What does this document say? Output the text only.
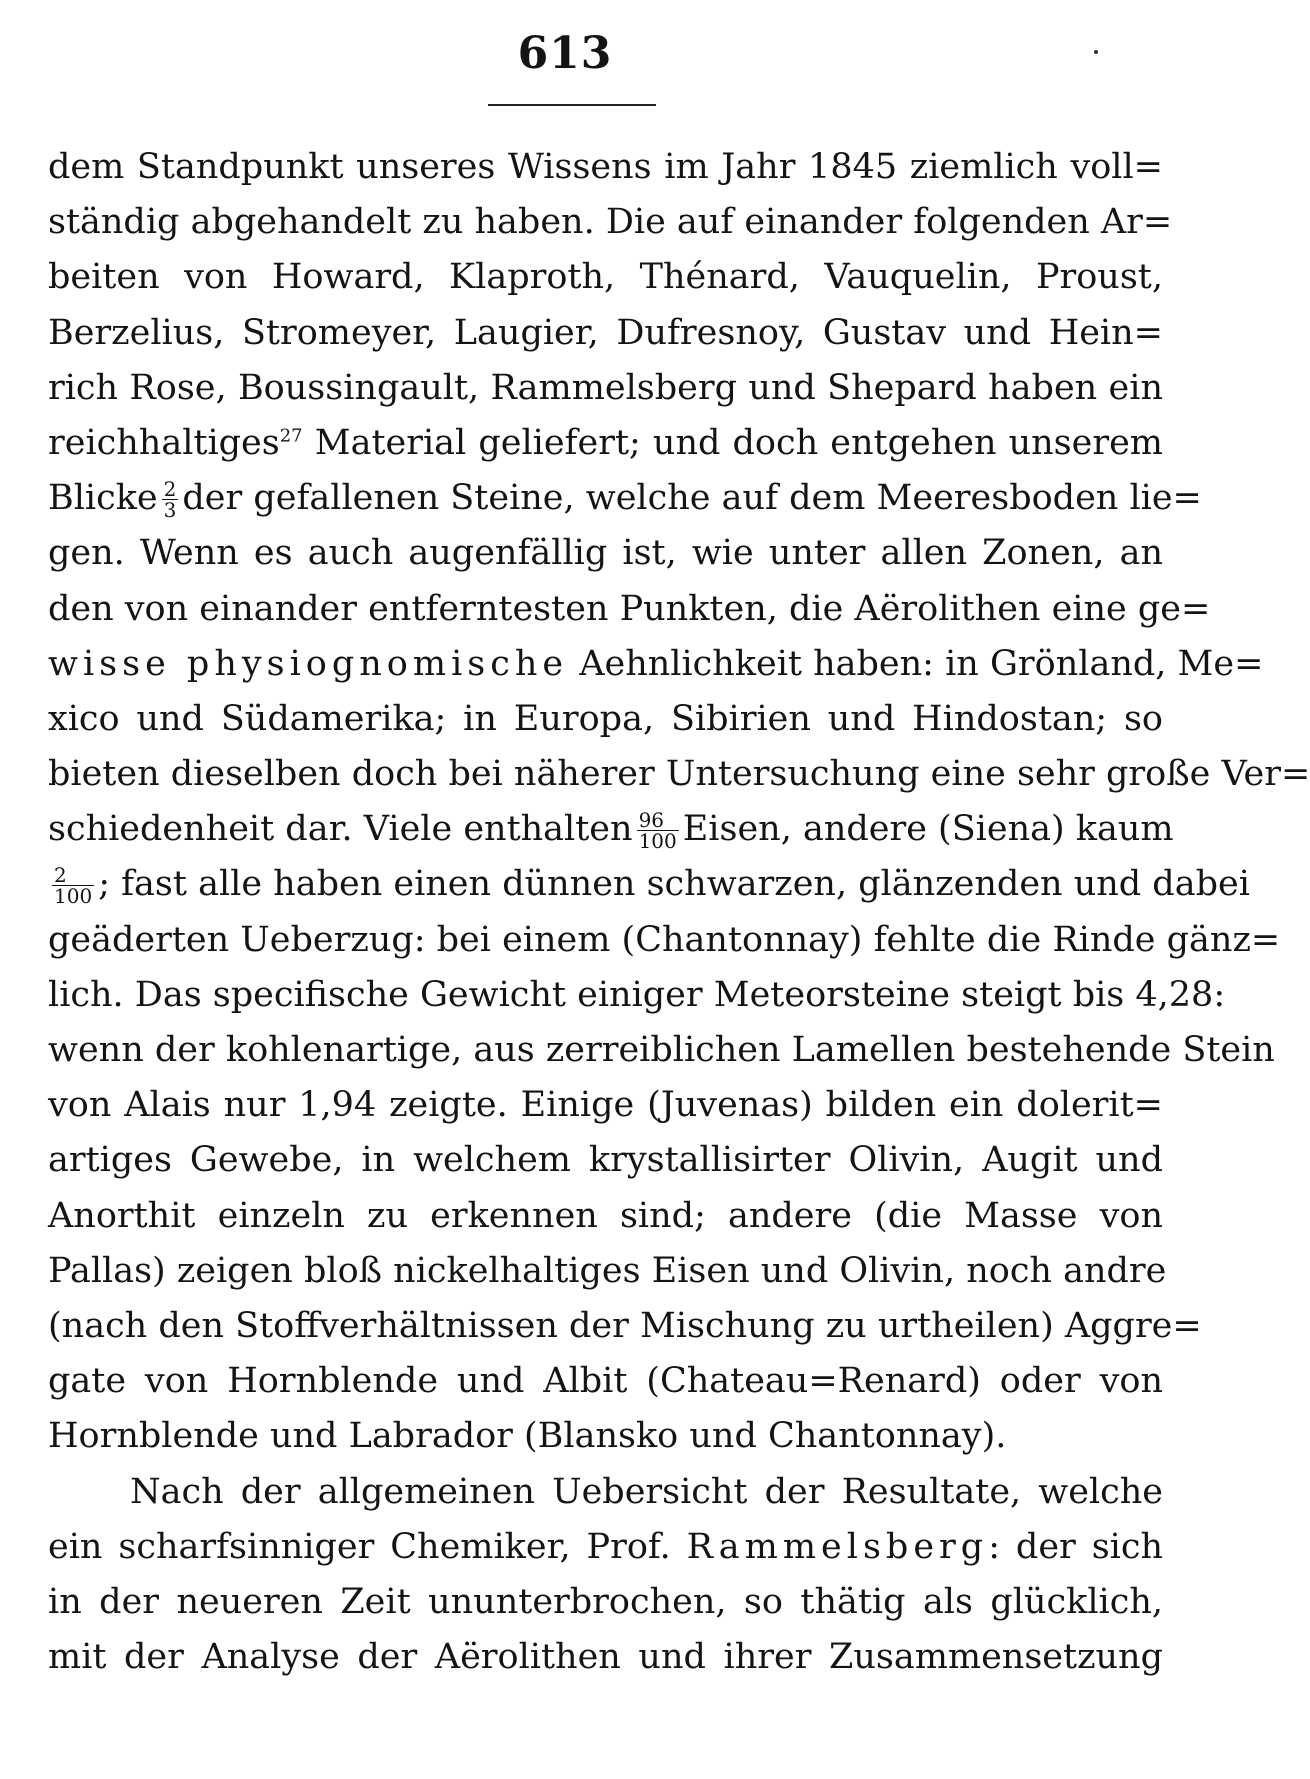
613
dem Standpunkt unseres Wissens im Jahr 1845 ziemlich voll=
ständig abgehandelt zu haben. Die auf einander folgenden Ar=
beiten von Howard, Klaproth, Thénard, Vauquelin, Proust,
Berzelius, Stromeyer, Laugier, Dufresnoy, Gustav und Hein=
rich Rose, Boussingault, Rammelsberg und Shepard haben ein
reichhaltiges$^{27}$ Material geliefert; und doch entgehen unserem
Blicke $\frac{2}{3}$ der gefallenen Steine, welche auf dem Meeresboden lie=
gen. Wenn es auch augenfällig ist, wie unter allen Zonen, an
den von einander entferntesten Punkten, die Aërolithen eine ge=
wisse physiognomische Aehnlichkeit haben: in Grönland, Me=
xico und Südamerika; in Europa, Sibirien und Hindostan; so
bieten dieselben doch bei näherer Untersuchung eine sehr große Ver=
schiedenheit dar. Viele enthalten $\frac{96}{100}$ Eisen, andere (Siena) kaum
$\frac{2}{100}$ ; fast alle haben einen dünnen schwarzen, glänzenden und dabei
geäderten Ueberzug: bei einem (Chantonnay) fehlte die Rinde gänz=
lich. Das specifische Gewicht einiger Meteorsteine steigt bis 4,28:
wenn der kohlenartige, aus zerreiblichen Lamellen bestehende Stein
von Alais nur 1,94 zeigte. Einige (Juvenas) bilden ein dolerit=
artiges Gewebe, in welchem krystallisirter Olivin, Augit und
Anorthit einzeln zu erkennen sind; andere (die Masse von
Pallas) zeigen bloß nickelhaltiges Eisen und Olivin, noch andre
(nach den Stoffverhältnissen der Mischung zu urtheilen) Aggre=
gate von Hornblende und Albit (Chateau=Renard) oder von
Hornblende und Labrador (Blansko und Chantonnay).
Nach der allgemeinen Uebersicht der Resultate, welche
ein scharfsinniger Chemiker, Prof. Rammelsberg: der sich
in der neueren Zeit ununterbrochen, so thätig als glücklich,
mit der Analyse der Aërolithen und ihrer Zusammensetzung
